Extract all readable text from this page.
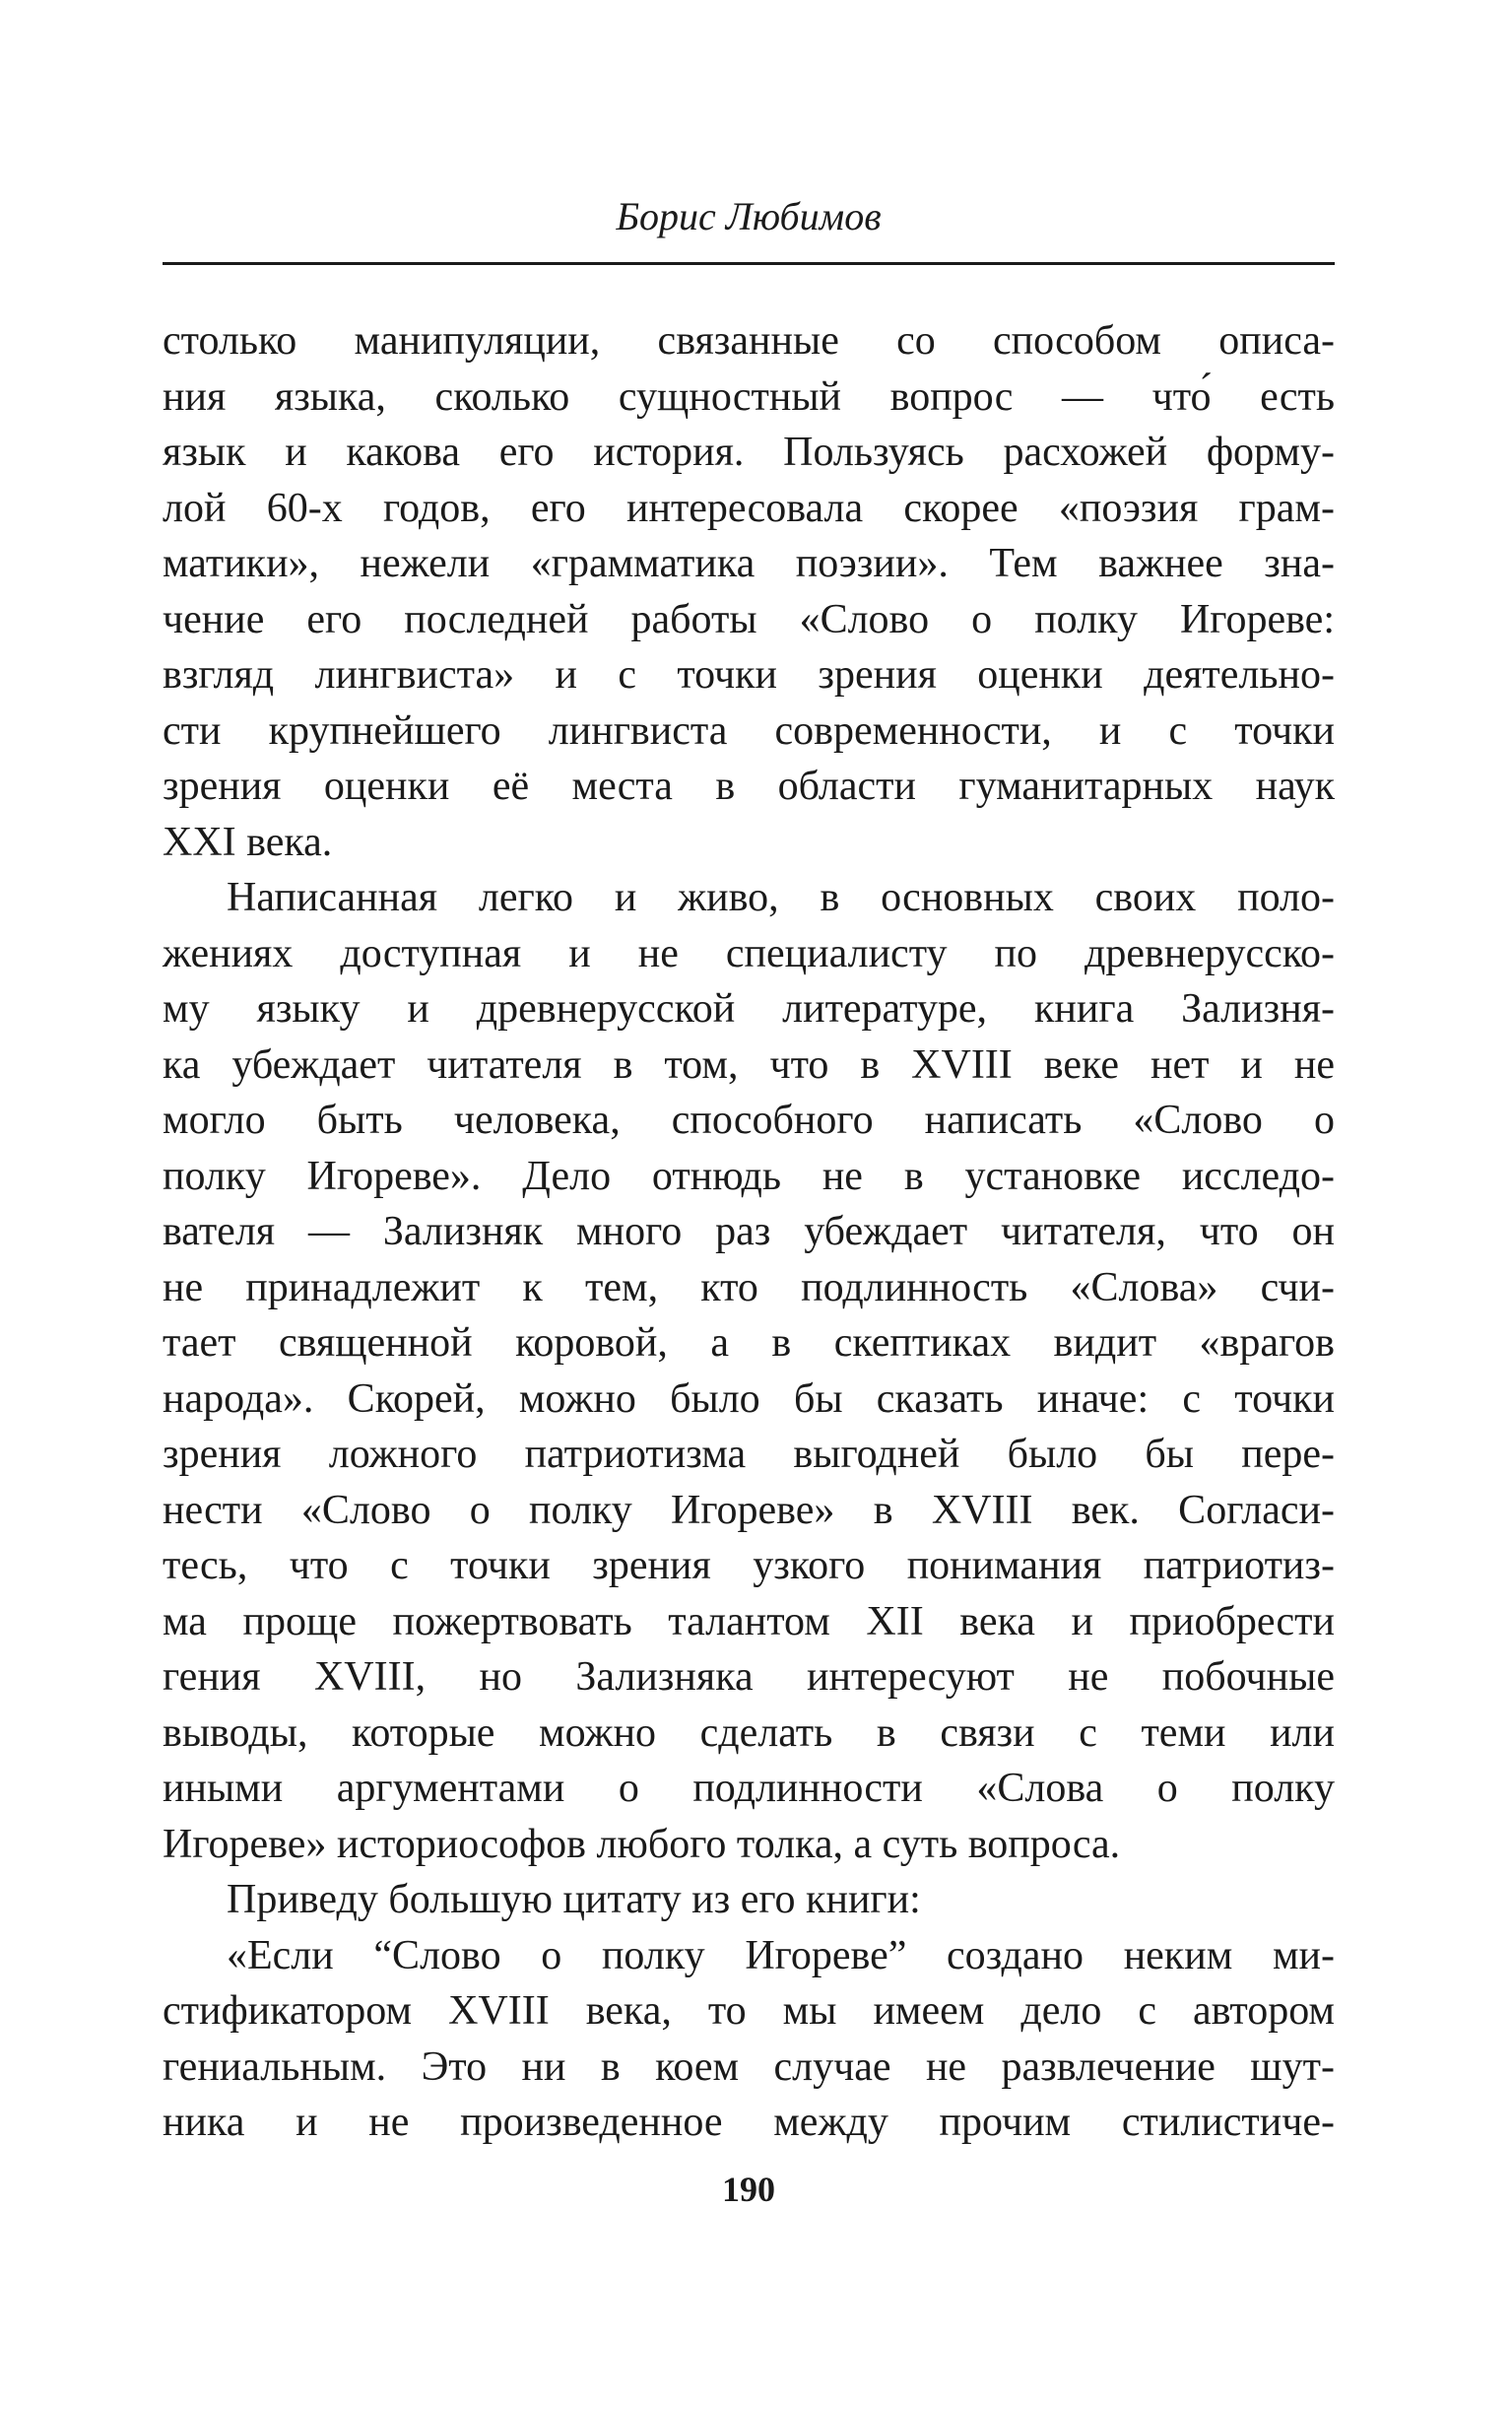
Борис Любимов
столько манипуляции, связанные со способом описа-
ния языка, сколько сущностный вопрос — что́ есть
язык и какова его история. Пользуясь расхожей форму-
лой 60-х годов, его интересовала скорее «поэзия грам-
матики», нежели «грамматика поэзии». Тем важнее зна-
чение его последней работы «Слово о полку Игореве:
взгляд лингвиста» и с точки зрения оценки деятельно-
сти крупнейшего лингвиста современности, и с точки
зрения оценки её места в области гуманитарных наук
XXI века.
Написанная легко и живо, в основных своих поло-
жениях доступная и не специалисту по древнерусско-
му языку и древнерусской литературе, книга Зализня-
ка убеждает читателя в том, что в XVIII веке нет и не
могло быть человека, способного написать «Слово о
полку Игореве». Дело отнюдь не в установке исследо-
вателя — Зализняк много раз убеждает читателя, что он
не принадлежит к тем, кто подлинность «Слова» счи-
тает священной коровой, а в скептиках видит «врагов
народа». Скорей, можно было бы сказать иначе: с точки
зрения ложного патриотизма выгодней было бы пере-
нести «Слово о полку Игореве» в XVIII век. Согласи-
тесь, что с точки зрения узкого понимания патриотиз-
ма проще пожертвовать талантом XII века и приобрести
гения XVIII, но Зализняка интересуют не побочные
выводы, которые можно сделать в связи с теми или
иными аргументами о подлинности «Слова о полку
Игореве» историософов любого толка, а суть вопроса.
Приведу большую цитату из его книги:
«Если “Слово о полку Игореве” создано неким ми-
стификатором XVIII века, то мы имеем дело с автором
гениальным. Это ни в коем случае не развлечение шут-
ника и не произведенное между прочим стилистиче-
190
